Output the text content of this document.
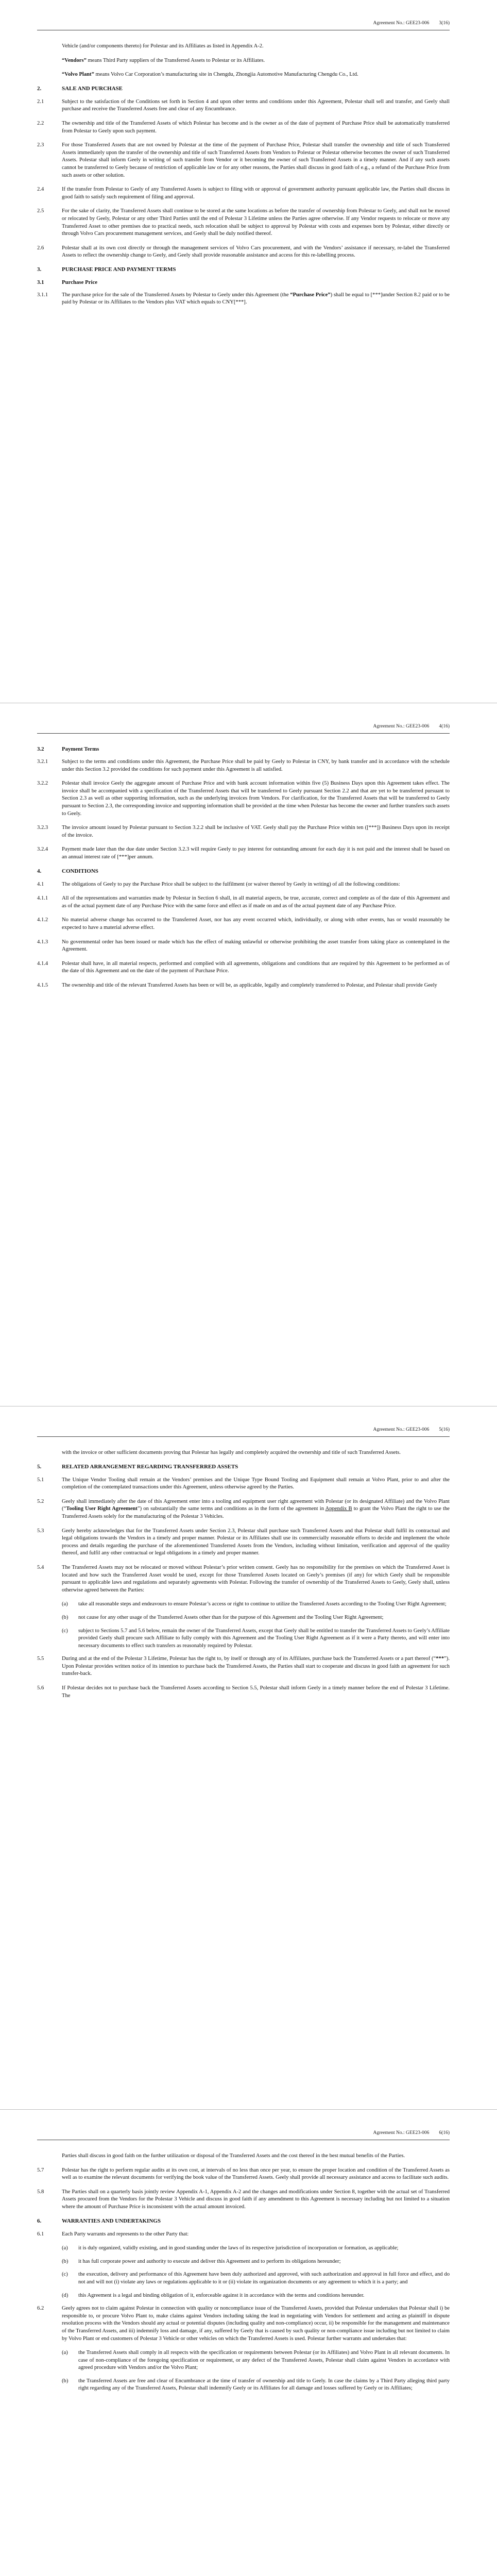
Agreement No.: GEE23-006 3(16)
Vehicle (and/or components thereto) for Polestar and its Affiliates as listed in Appendix A-2.
“Vendors” means Third Party suppliers of the Transferred Assets to Polestar or its Affiliates.
“Volvo Plant” means Volvo Car Corporation’s manufacturing site in Chengdu, Zhongjia Automotive Manufacturing Chengdu Co., Ltd.
2.	SALE AND PURCHASE
2.1	Subject to the satisfaction of the Conditions set forth in Section 4 and upon other terms and conditions under this Agreement, Polestar shall sell and transfer, and Geely shall purchase and receive the Transferred Assets free and clear of any Encumbrance.
2.2	The ownership and title of the Transferred Assets of which Polestar has become and is the owner as of the date of payment of Purchase Price shall be automatically transferred from Polestar to Geely upon such payment.
2.3	For those Transferred Assets that are not owned by Polestar at the time of the payment of Purchase Price, Polestar shall transfer the ownership and title of such Transferred Assets immediately upon the transfer of the ownership and title of such Transferred Assets from Vendors to Polestar or Polestar otherwise becomes the owner of such Transferred Assets. Polestar shall inform Geely in writing of such transfer from Vendor or it becoming the owner of such Transferred Assets in a timely manner. And if any such assets cannot be transferred to Geely because of restriction of applicable law or for any other reasons, the Parties shall discuss in good faith of e.g., a refund of the Purchase Price from such assets or other solution.
2.4	If the transfer from Polestar to Geely of any Transferred Assets is subject to filing with or approval of government authority pursuant applicable law, the Parties shall discuss in good faith to satisfy such requirement of filing and approval.
2.5	For the sake of clarity, the Transferred Assets shall continue to be stored at the same locations as before the transfer of ownership from Polestar to Geely, and shall not be moved or relocated by Geely, Polestar or any other Third Parties until the end of Polestar 3 Lifetime unless the Parties agree otherwise. If any Vendor requests to relocate or move any Transferred Asset to other premises due to practical needs, such relocation shall be subject to approval by Polestar with costs and expenses born by Polestar, either directly or through Volvo Cars procurement management services, and Geely shall be duly notified thereof.
2.6	Polestar shall at its own cost directly or through the management services of Volvo Cars procurement, and with the Vendors’ assistance if necessary, re-label the Transferred Assets to reflect the ownership change to Geely, and Geely shall provide reasonable assistance and access for this re-labelling process.
3.	PURCHASE PRICE AND PAYMENT TERMS
3.1	Purchase Price
3.1.1	The purchase price for the sale of the Transferred Assets by Polestar to Geely under this Agreement (the “Purchase Price”) shall be equal to [***]under Section 8.2 paid or to be paid by Polestar or its Affiliates to the Vendors plus VAT which equals to CNY[***].
Agreement No.: GEE23-006 4(16)
3.2	Payment Terms
3.2.1	Subject to the terms and conditions under this Agreement, the Purchase Price shall be paid by Geely to Polestar in CNY, by bank transfer and in accordance with the schedule under this Section 3.2 provided the conditions for such payment under this Agreement is all satisfied.
3.2.2	Polestar shall invoice Geely the aggregate amount of Purchase Price and with bank account information within five (5) Business Days upon this Agreement takes effect. The invoice shall be accompanied with a specification of the Transferred Assets that will be transferred to Geely pursuant Section 2.2 and that are yet to be transferred pursuant to Section 2.3 as well as other supporting information, such as the underlying invoices from Vendors. For clarification, for the Transferred Assets that will be transferred to Geely pursuant to Section 2.3, the corresponding invoice and supporting information shall be provided at the time when Polestar has become the owner and further transfers such assets to Geely.
3.2.3	The invoice amount issued by Polestar pursuant to Section 3.2.2 shall be inclusive of VAT. Geely shall pay the Purchase Price within ten ([***]) Business Days upon its receipt of the invoice.
3.2.4	Payment made later than the due date under Section 3.2.3 will require Geely to pay interest for outstanding amount for each day it is not paid and the interest shall be based on an annual interest rate of [***]per annum.
4.	CONDITIONS
4.1	The obligations of Geely to pay the Purchase Price shall be subject to the fulfilment (or waiver thereof by Geely in writing) of all the following conditions:
4.1.1	All of the representations and warranties made by Polestar in Section 6 shall, in all material aspects, be true, accurate, correct and complete as of the date of this Agreement and as of the actual payment date of any Purchase Price with the same force and effect as if made on and as of the actual payment date of any Purchase Price.
4.1.2	No material adverse change has occurred to the Transferred Asset, nor has any event occurred which, individually, or along with other events, has or would reasonably be expected to have a material adverse effect.
4.1.3	No governmental order has been issued or made which has the effect of making unlawful or otherwise prohibiting the asset transfer from taking place as contemplated in the Agreement.
4.1.4	Polestar shall have, in all material respects, performed and complied with all agreements, obligations and conditions that are required by this Agreement to be performed as of the date of this Agreement and on the date of the payment of Purchase Price.
4.1.5	The ownership and title of the relevant Transferred Assets has been or will be, as applicable, legally and completely transferred to Polestar, and Polestar shall provide Geely
Agreement No.: GEE23-006 5(16)
with the invoice or other sufficient documents proving that Polestar has legally and completely acquired the ownership and title of such Transferred Assets.
5.	RELATED ARRANGEMENT REGARDING TRANSFERRED ASSETS
5.1	The Unique Vendor Tooling shall remain at the Vendors’ premises and the Unique Type Bound Tooling and Equipment shall remain at Volvo Plant, prior to and after the completion of the contemplated transactions under this Agreement, unless otherwise agreed by the Parties.
5.2	Geely shall immediately after the date of this Agreement enter into a tooling and equipment user right agreement with Polestar (or its designated Affiliate) and the Volvo Plant (“Tooling User Right Agreement”) on substantially the same terms and conditions as in the form of the agreement in Appendix B to grant the Volvo Plant the right to use the Transferred Assets solely for the manufacturing of the Polestar 3 Vehicles.
5.3	Geely hereby acknowledges that for the Transferred Assets under Section 2.3, Polestar shall purchase such Transferred Assets and that Polestar shall fulfil its contractual and legal obligations towards the Vendors in a timely and proper manner. Polestar or its Affiliates shall use its commercially reasonable efforts to decide and implement the whole process and details regarding the purchase of the aforementioned Transferred Assets from the Vendors, including without limitation, verification and approval of the quality thereof, and fulfil any other contractual or legal obligations in a timely and proper manner.
5.4	The Transferred Assets may not be relocated or moved without Polestar’s prior written consent. Geely has no responsibility for the premises on which the Transferred Asset is located and how such the Transferred Asset would be used, except for those Transferred Assets located on Geely’s premises (if any) for which Geely shall be responsible pursuant to applicable laws and regulations and separately agreements with Polestar. Following the transfer of ownership of the Transferred Assets to Geely, Geely shall, unless otherwise agreed between the Parties:
(a)	take all reasonable steps and endeavours to ensure Polestar’s access or right to continue to utilize the Transferred Assets according to the Tooling User Right Agreement;
(b)	not cause for any other usage of the Transferred Assets other than for the purpose of this Agreement and the Tooling User Right Agreement;
(c)	subject to Sections 5.7 and 5.6 below, remain the owner of the Transferred Assets, except that Geely shall be entitled to transfer the Transferred Assets to Geely’s Affiliate provided Geely shall procure such Affiliate to fully comply with this Agreement and the Tooling User Right Agreement as if it were a Party thereto, and will enter into necessary documents to effect such transfers as reasonably required by Polestar.
5.5	During and at the end of the Polestar 3 Lifetime, Polestar has the right to, by itself or through any of its Affiliates, purchase back the Transferred Assets or a part thereof (“***”). Upon Polestar provides written notice of its intention to purchase back the Transferred Assets, the Parties shall start to cooperate and discuss in good faith an agreement for such transfer-back.
5.6	If Polestar decides not to purchase back the Transferred Assets according to Section 5.5, Polestar shall inform Geely in a timely manner before the end of Polestar 3 Lifetime. The
Agreement No.: GEE23-006 6(16)
Parties shall discuss in good faith on the further utilization or disposal of the Transferred Assets and the cost thereof in the best mutual benefits of the Parties.
5.7	Polestar has the right to perform regular audits at its own cost, at intervals of no less than once per year, to ensure the proper location and condition of the Transferred Assets as well as to examine the relevant documents for verifying the book value of the Transferred Assets. Geely shall provide all necessary assistance and access to facilitate such audits.
5.8	The Parties shall on a quarterly basis jointly review Appendix A-1, Appendix A-2 and the changes and modifications under Section 8, together with the actual set of Transferred Assets procured from the Vendors for the Polestar 3 Vehicle and discuss in good faith if any amendment to this Agreement is necessary including but not limited to a situation where the amount of Purchase Price is inconsistent with the actual amount invoiced.
6.	WARRANTIES AND UNDERTAKINGS
6.1	Each Party warrants and represents to the other Party that:
(a)	it is duly organized, validly existing, and in good standing under the laws of its respective jurisdiction of incorporation or formation, as applicable;
(b)	it has full corporate power and authority to execute and deliver this Agreement and to perform its obligations hereunder;
(c)	the execution, delivery and performance of this Agreement have been duly authorized and approved, with such authorization and approval in full force and effect, and do not and will not (i) violate any laws or regulations applicable to it or (ii) violate its organization documents or any agreement to which it is a party; and
(d)	this Agreement is a legal and binding obligation of it, enforceable against it in accordance with the terms and conditions hereunder.
6.2	Geely agrees not to claim against Polestar in connection with quality or noncompliance issue of the Transferred Assets, provided that Polestar undertakes that Polestar shall i) be responsible to, or procure Volvo Plant to, make claims against Vendors including taking the lead in negotiating with Vendors for settlement and acting as plaintiff in dispute resolution process with the Vendors should any actual or potential disputes (including quality and non-compliance) occur, ii) be responsible for the management and maintenance of the Transferred Assets, and iii) indemnify loss and damage, if any, suffered by Geely that is caused by such quality or non-compliance issue including but not limited to claim by Volvo Plant or end customers of Polestar 3 Vehicle or other vehicles on which the Transferred Assets is used. Polestar further warrants and undertakes that:
(a)	the Transferred Assets shall comply in all respects with the specification or requirements between Polestar (or its Affiliates) and Volvo Plant in all relevant documents. In case of non-compliance of the foregoing specification or requirement, or any defect of the Transferred Assets, Polestar shall claim against Vendors in accordance with agreed procedure with Vendors and/or the Volvo Plant;
(b)	the Transferred Assets are free and clear of Encumbrance at the time of transfer of ownership and title to Geely. In case the claims by a Third Party alleging third party right regarding any of the Transferred Assets, Polestar shall indemnify Geely or its Affiliates for all damage and losses suffered by Geely or its Affiliates;
